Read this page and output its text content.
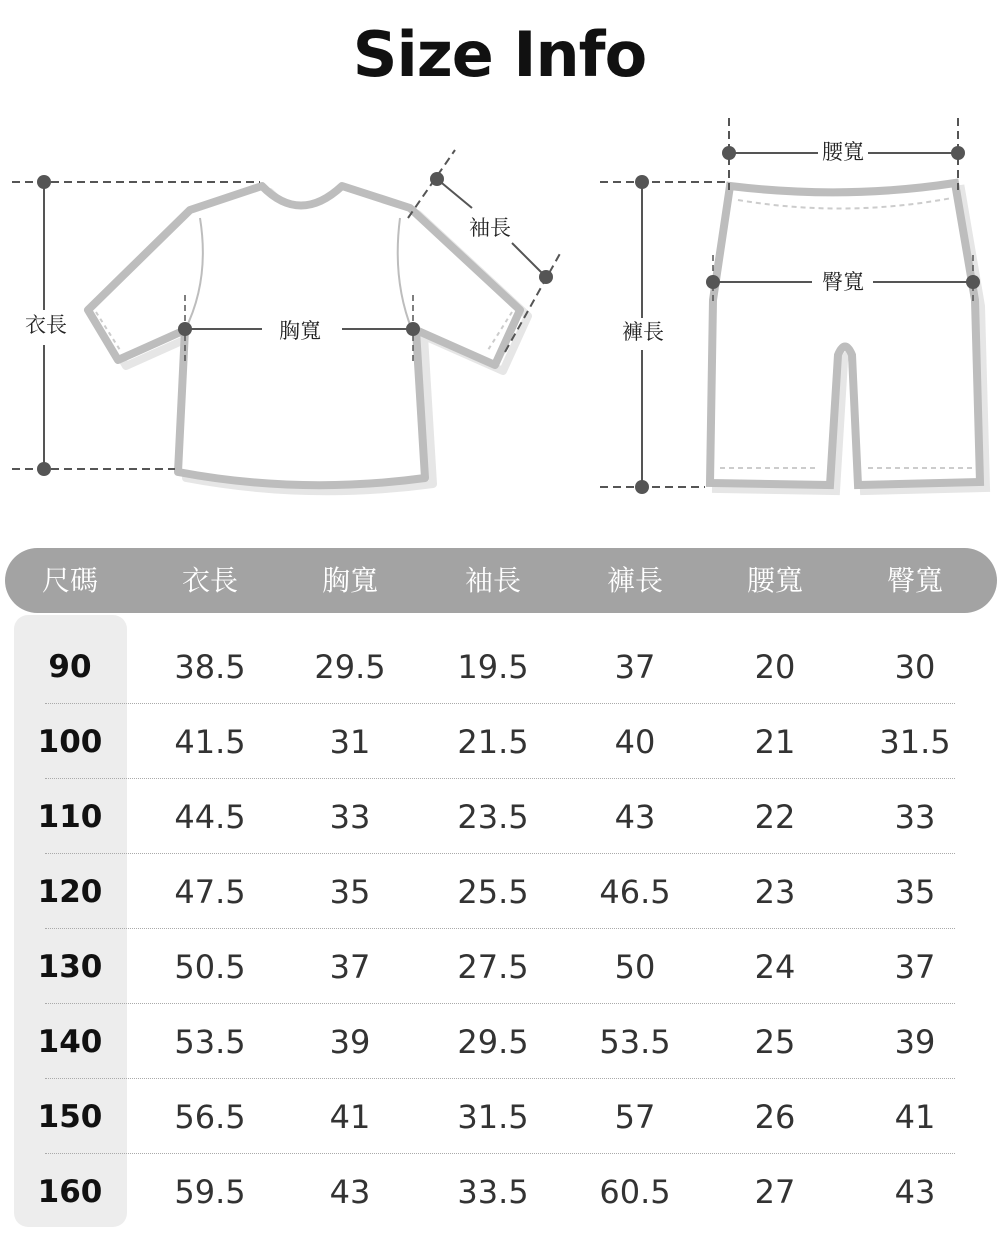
Size Info
衣長	胸寬
袖長
褲長
腰寬
臀寬
尺碼	衣長	胸寬	袖長	褲長	腰寬	臀寬
90	38.5	29.5	19.5	37	20	30
100	41.5	31	21.5	40	21	31.5
110	44.5	33	23.5	43	22	33
120	47.5	35	25.5	46.5	23	35
130	50.5	37	27.5	50	24	37
140	53.5	39	29.5	53.5	25	39
150	56.5	41	31.5	57	26	41
160	59.5	43	33.5	60.5	27	43
